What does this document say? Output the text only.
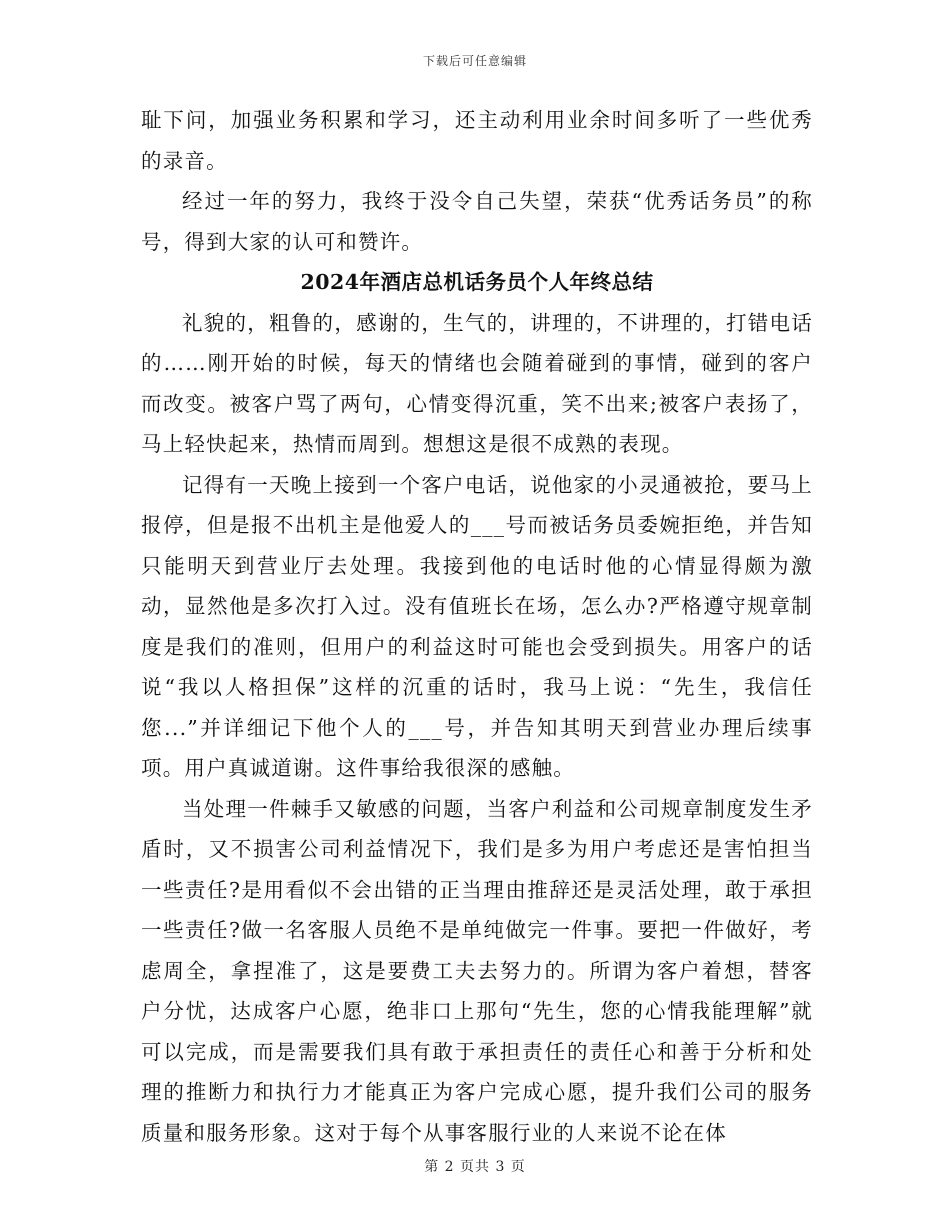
下载后可任意编辑

耻下问，加强业务积累和学习，还主动利用业余时间多听了一些优秀的录音。

经过一年的努力，我终于没令自己失望，荣获“优秀话务员”的称号，得到大家的认可和赞许。

2024年酒店总机话务员个人年终总结

礼貌的，粗鲁的，感谢的，生气的，讲理的，不讲理的，打错电话的……刚开始的时候，每天的情绪也会随着碰到的事情，碰到的客户而改变。被客户骂了两句，心情变得沉重，笑不出来;被客户表扬了，马上轻快起来，热情而周到。想想这是很不成熟的表现。

记得有一天晚上接到一个客户电话，说他家的小灵通被抢，要马上报停，但是报不出机主是他爱人的___号而被话务员委婉拒绝，并告知只能明天到营业厅去处理。我接到他的电话时他的心情显得颇为激动，显然他是多次打入过。没有值班长在场，怎么办?严格遵守规章制度是我们的准则，但用户的利益这时可能也会受到损失。用客户的话说“我以人格担保”这样的沉重的话时，我马上说：“先生，我信任您...”并详细记下他个人的___号，并告知其明天到营业办理后续事项。用户真诚道谢。这件事给我很深的感触。

当处理一件棘手又敏感的问题，当客户利益和公司规章制度发生矛盾时，又不损害公司利益情况下，我们是多为用户考虑还是害怕担当一些责任?是用看似不会出错的正当理由推辞还是灵活处理，敢于承担一些责任?做一名客服人员绝不是单纯做完一件事。要把一件做好，考虑周全，拿捏准了，这是要费工夫去努力的。所谓为客户着想，替客户分忧，达成客户心愿，绝非口上那句“先生，您的心情我能理解”就可以完成，而是需要我们具有敢于承担责任的责任心和善于分析和处理的推断力和执行力才能真正为客户完成心愿，提升我们公司的服务质量和服务形象。这对于每个从事客服行业的人来说不论在体

第 2 页共 3 页
